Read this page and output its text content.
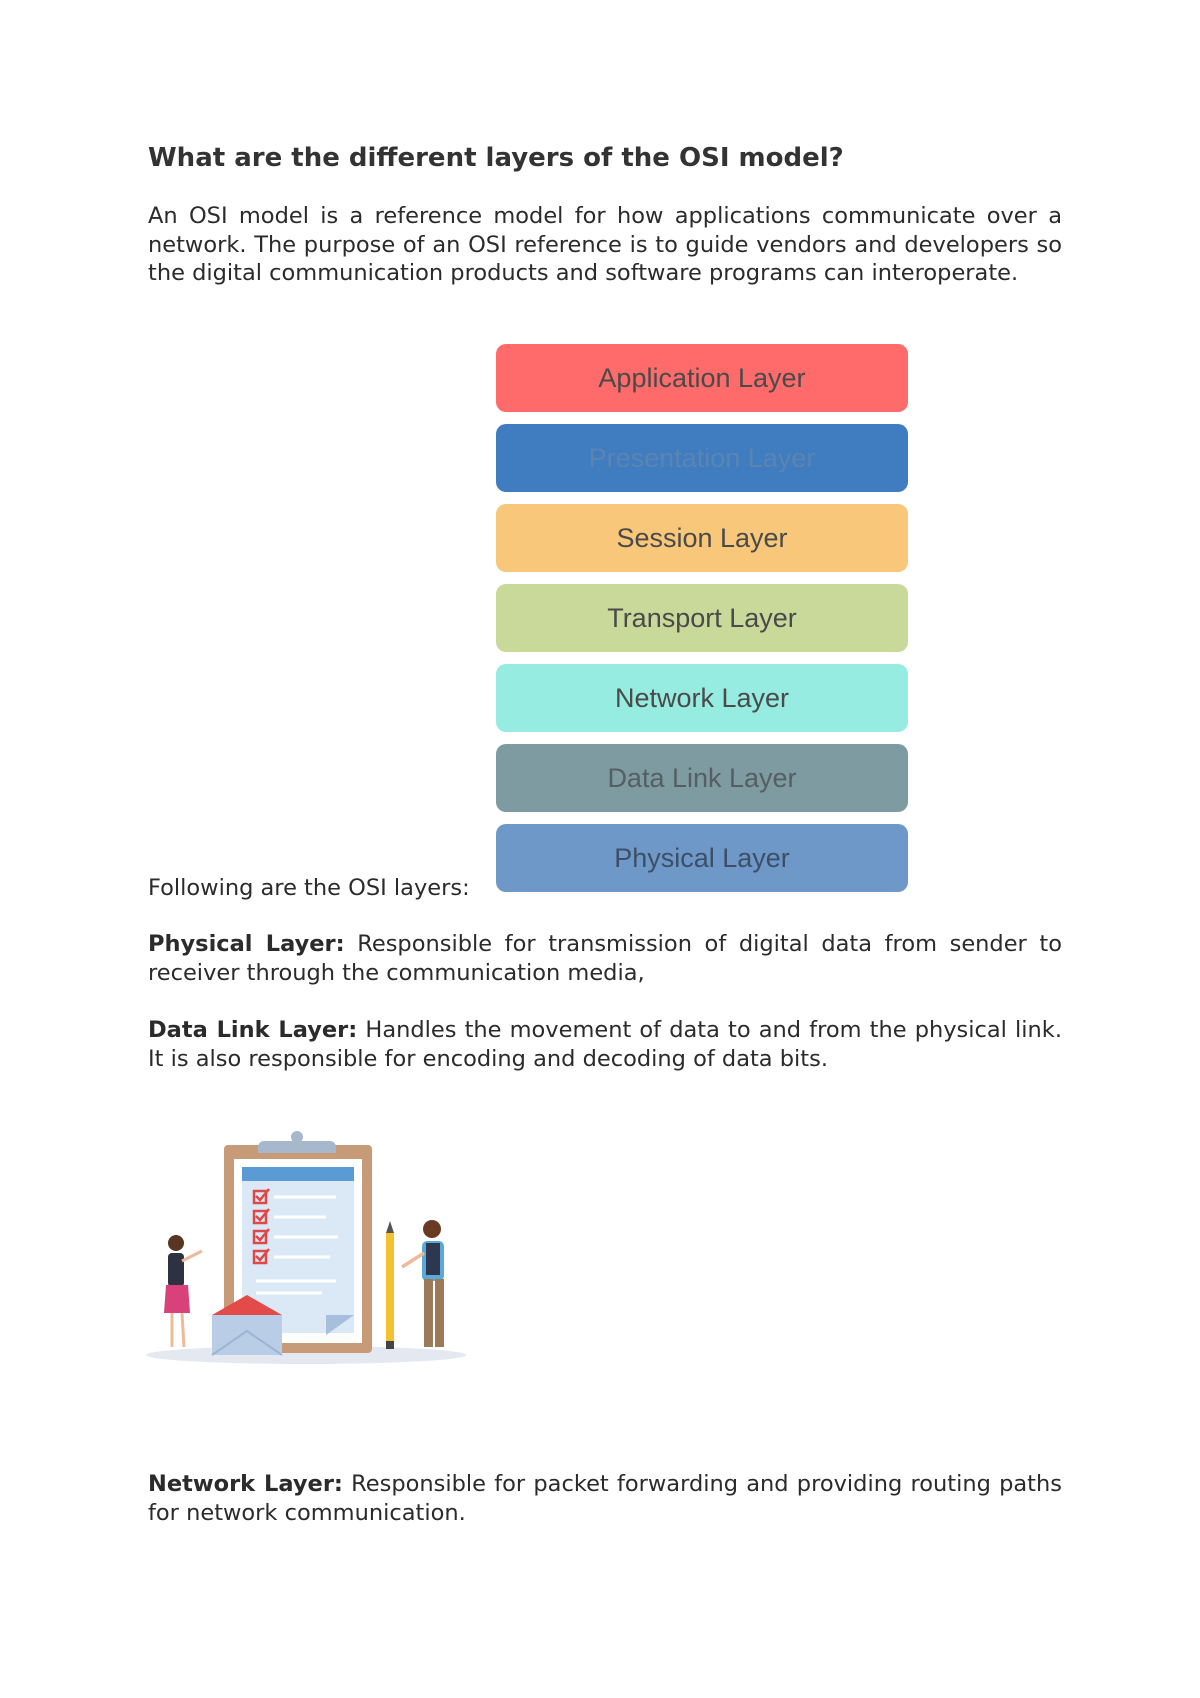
What are the different layers of the OSI model?
An OSI model is a reference model for how applications communicate over a network. The purpose of an OSI reference is to guide vendors and developers so the digital communication products and software programs can interoperate.
Application Layer
Presentation Layer
Session Layer
Transport Layer
Network Layer
Data Link Layer
Physical Layer
Following are the OSI layers:
Physical Layer: Responsible for transmission of digital data from sender to receiver through the communication media,
Data Link Layer: Handles the movement of data to and from the physical link. It is also responsible for encoding and decoding of data bits.
Network Layer: Responsible for packet forwarding and providing routing paths for network communication.
